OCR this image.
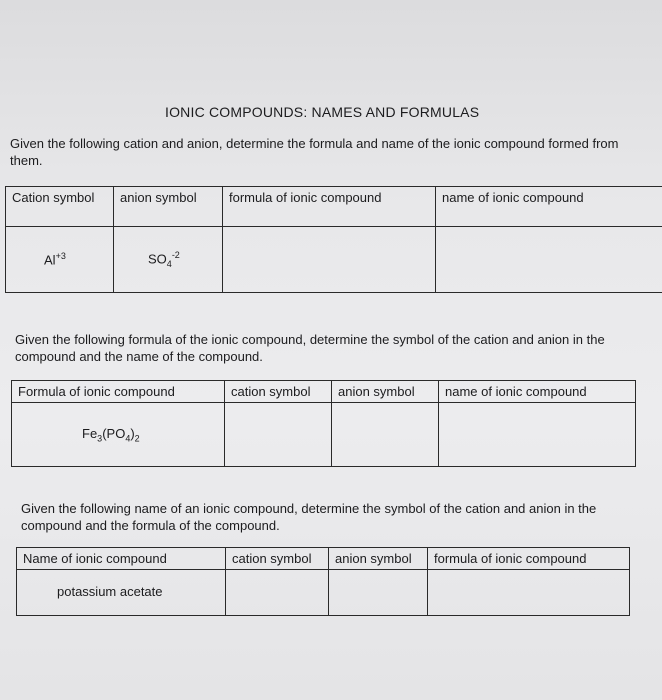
IONIC COMPOUNDS: NAMES AND FORMULAS
Given the following cation and anion, determine the formula and name of the ionic compound formed from them.
Cation symbol	anion symbol	formula of ionic compound	name of ionic compound
$Al^{+3}$	$SO_4^{-2}$		
Given the following formula of the ionic compound, determine the symbol of the cation and anion in the compound and the name of the compound.
Formula of ionic compound	cation symbol	anion symbol	name of ionic compound
$Fe_3(PO_4)_2$			
Given the following name of an ionic compound, determine the symbol of the cation and anion in the compound and the formula of the compound.
Name of ionic compound	cation symbol	anion symbol	formula of ionic compound
potassium acetate			
